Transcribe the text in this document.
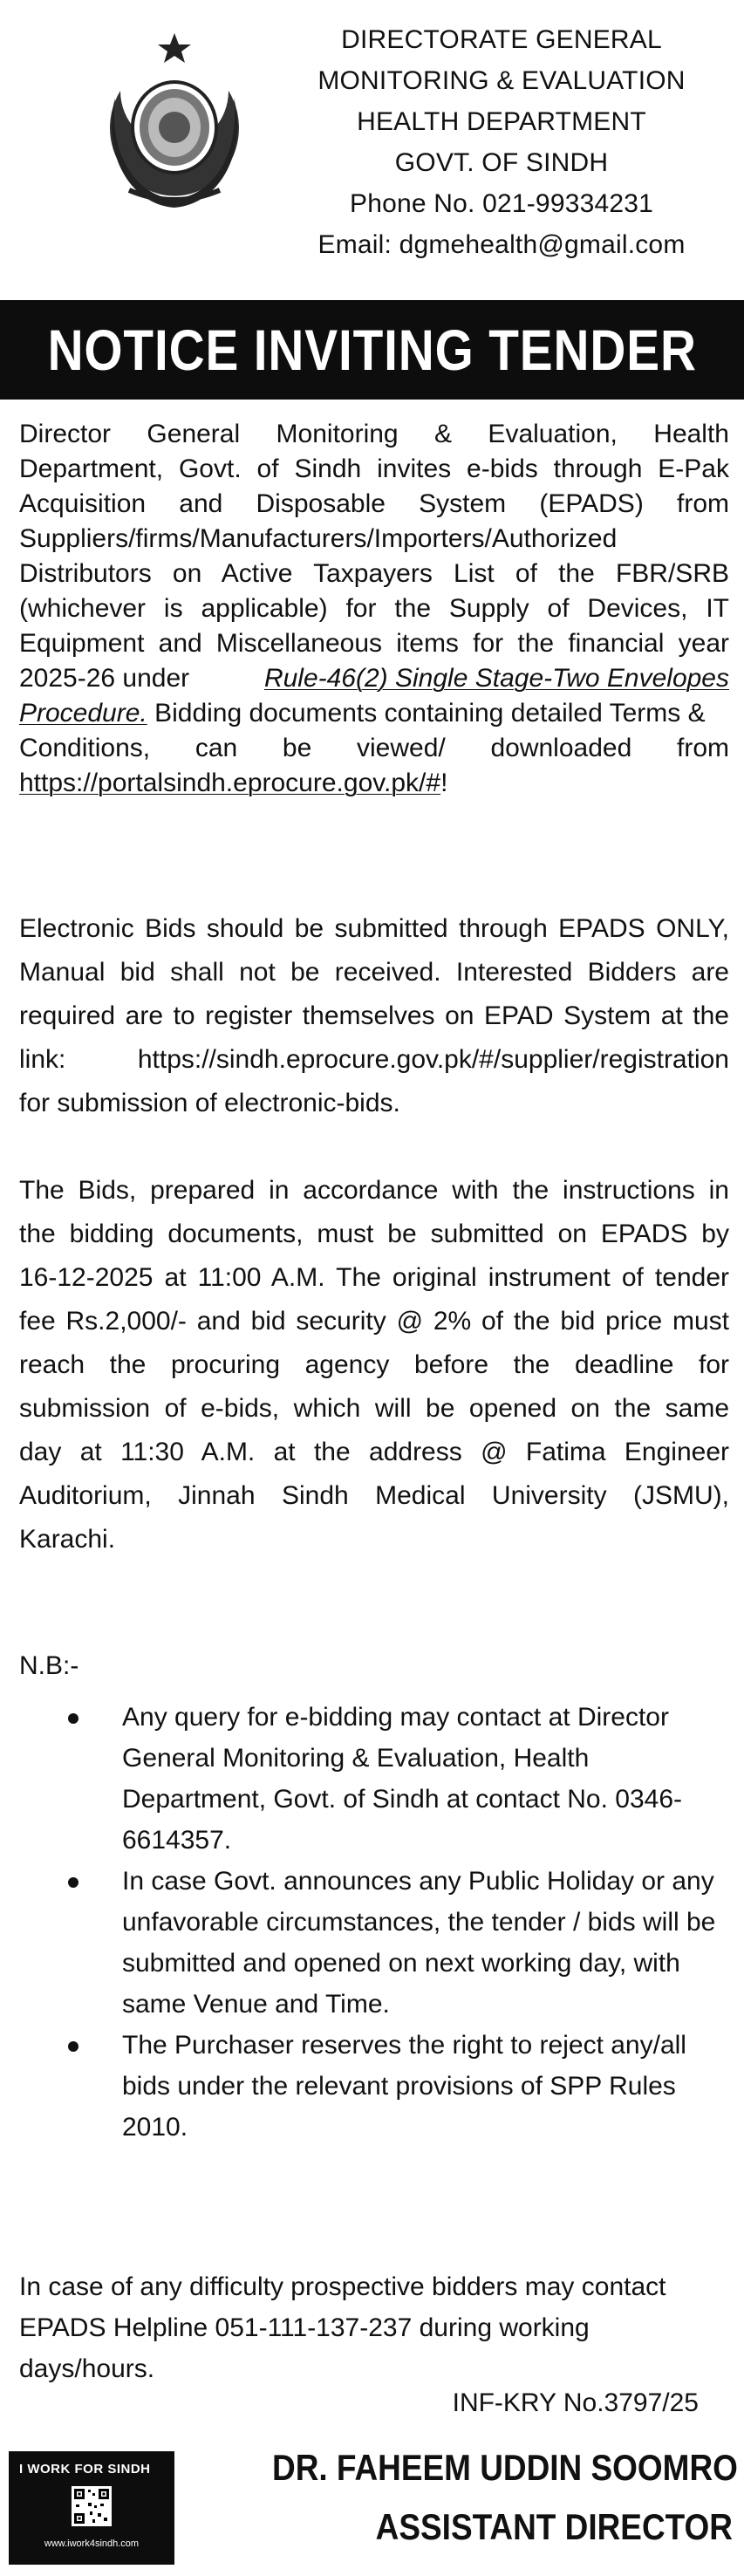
DIRECTORATE GENERAL
MONITORING & EVALUATION
HEALTH DEPARTMENT
GOVT. OF SINDH
Phone No. 021-99334231
Email: dgmehealth@gmail.com
NOTICE INVITING TENDER
Director General Monitoring & Evaluation, Health
Department, Govt. of Sindh invites e-bids through E-Pak
Acquisition and Disposable System (EPADS) from
Suppliers/firms/Manufacturers/Importers/Authorized
Distributors on Active Taxpayers List of the FBR/SRB
(whichever is applicable) for the Supply of Devices, IT
Equipment and Miscellaneous items for the financial year
2025-26 under	Rule-46(2) Single Stage-Two Envelopes
Procedure. Bidding documents containing detailed Terms &
Conditions, can be viewed/ downloaded from
https://portalsindh.eprocure.gov.pk/#!
Electronic Bids should be submitted through EPADS ONLY,
Manual bid shall not be received. Interested Bidders are
required are to register themselves on EPAD System at the
link: https://sindh.eprocure.gov.pk/#/supplier/registration
for submission of electronic-bids.
The Bids, prepared in accordance with the instructions in
the bidding documents, must be submitted on EPADS by
16-12-2025 at 11:00 A.M. The original instrument of tender
fee Rs.2,000/- and bid security @ 2% of the bid price must
reach the procuring agency before the deadline for
submission of e-bids, which will be opened on the same
day at 11:30 A.M. at the address @ Fatima Engineer
Auditorium, Jinnah Sindh Medical University (JSMU),
Karachi.
N.B:-
Any query for e-bidding may contact at Director
General Monitoring & Evaluation, Health
Department, Govt. of Sindh at contact No. 0346-
6614357.
In case Govt. announces any Public Holiday or any
unfavorable circumstances, the tender / bids will be
submitted and opened on next working day, with
same Venue and Time.
The Purchaser reserves the right to reject any/all
bids under the relevant provisions of SPP Rules
2010.
In case of any difficulty prospective bidders may contact
EPADS Helpline 051-111-137-237 during working
days/hours.
INF-KRY No.3797/25
I WORK FOR SINDH
www.iwork4sindh.com
DR. FAHEEM UDDIN SOOMRO
ASSISTANT DIRECTOR
